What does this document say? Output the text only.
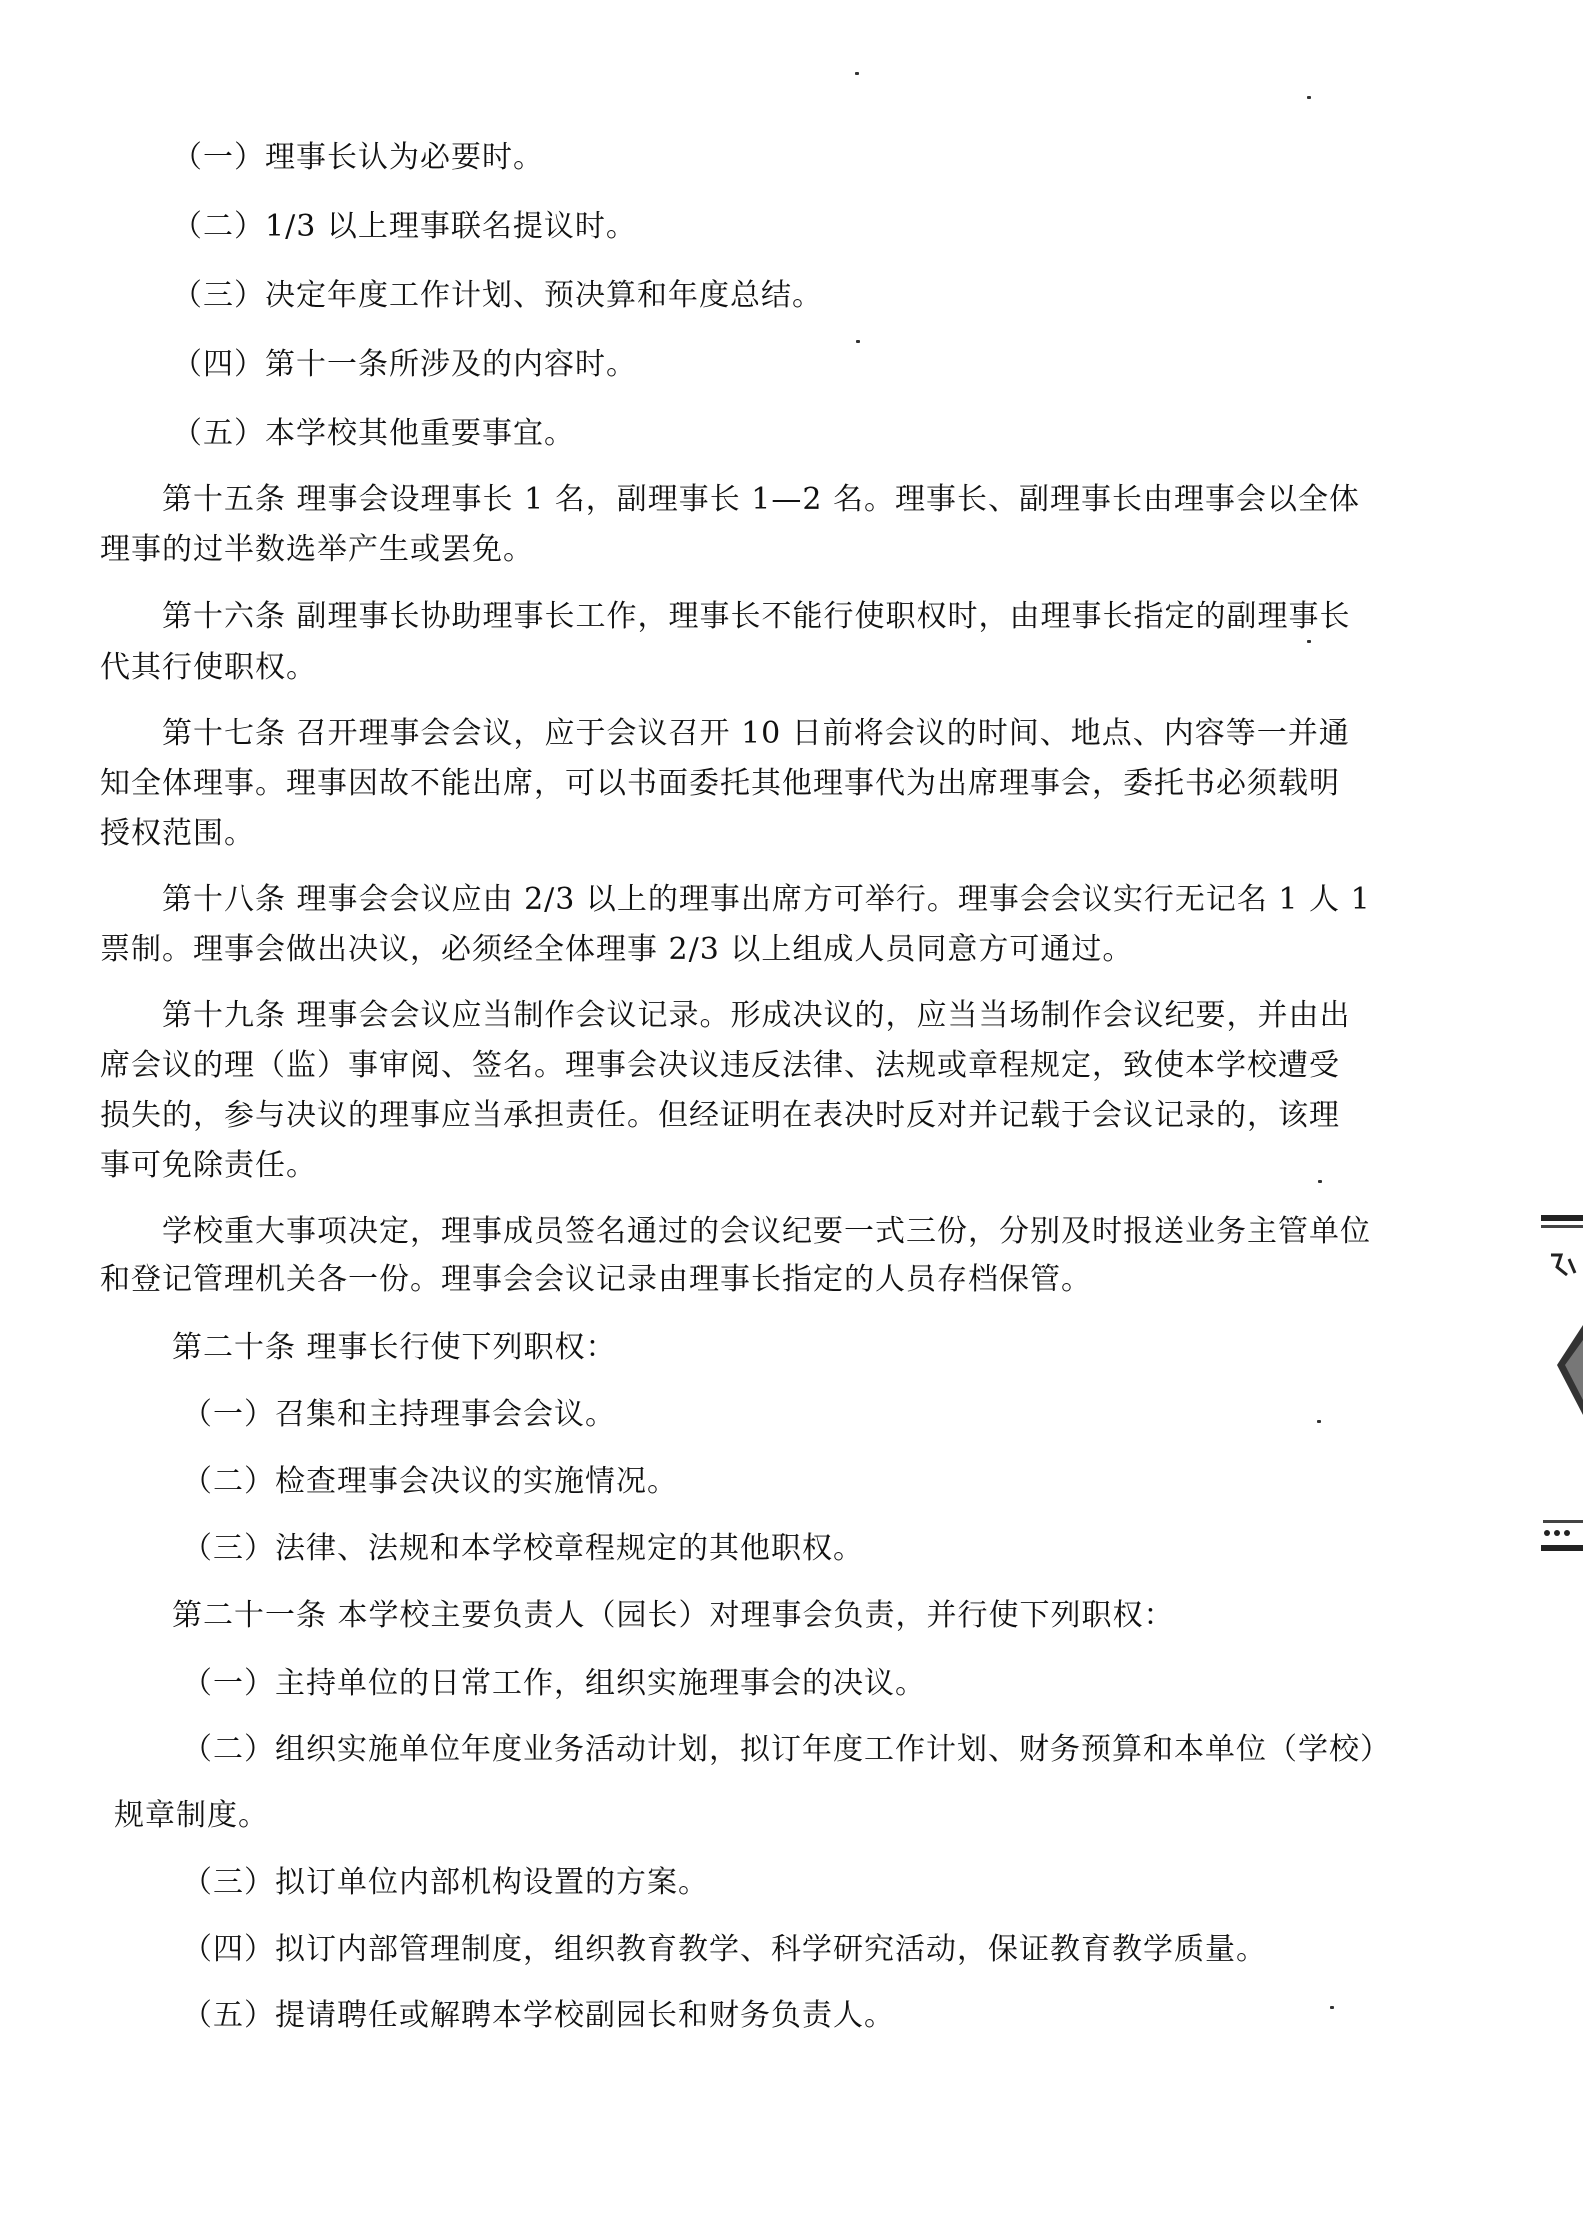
（一）理事长认为必要时。
（二）1/3 以上理事联名提议时。
（三）决定年度工作计划、预决算和年度总结。
（四）第十一条所涉及的内容时。
（五）本学校其他重要事宜。
第十五条 理事会设理事长 1 名，副理事长 1—2 名。理事长、副理事长由理事会以全体
理事的过半数选举产生或罢免。
第十六条 副理事长协助理事长工作，理事长不能行使职权时，由理事长指定的副理事长
代其行使职权。
第十七条 召开理事会会议，应于会议召开 10 日前将会议的时间、地点、内容等一并通
知全体理事。理事因故不能出席，可以书面委托其他理事代为出席理事会，委托书必须载明
授权范围。
第十八条 理事会会议应由 2/3 以上的理事出席方可举行。理事会会议实行无记名 1 人 1
票制。理事会做出决议，必须经全体理事 2/3 以上组成人员同意方可通过。
第十九条 理事会会议应当制作会议记录。形成决议的，应当当场制作会议纪要，并由出
席会议的理（监）事审阅、签名。理事会决议违反法律、法规或章程规定，致使本学校遭受
损失的，参与决议的理事应当承担责任。但经证明在表决时反对并记载于会议记录的，该理
事可免除责任。
学校重大事项决定，理事成员签名通过的会议纪要一式三份，分别及时报送业务主管单位
和登记管理机关各一份。理事会会议记录由理事长指定的人员存档保管。
第二十条 理事长行使下列职权：
（一）召集和主持理事会会议。
（二）检查理事会决议的实施情况。
（三）法律、法规和本学校章程规定的其他职权。
第二十一条 本学校主要负责人（园长）对理事会负责，并行使下列职权：
（一）主持单位的日常工作，组织实施理事会的决议。
（二）组织实施单位年度业务活动计划，拟订年度工作计划、财务预算和本单位（学校）
规章制度。
（三）拟订单位内部机构设置的方案。
（四）拟订内部管理制度，组织教育教学、科学研究活动，保证教育教学质量。
（五）提请聘任或解聘本学校副园长和财务负责人。
